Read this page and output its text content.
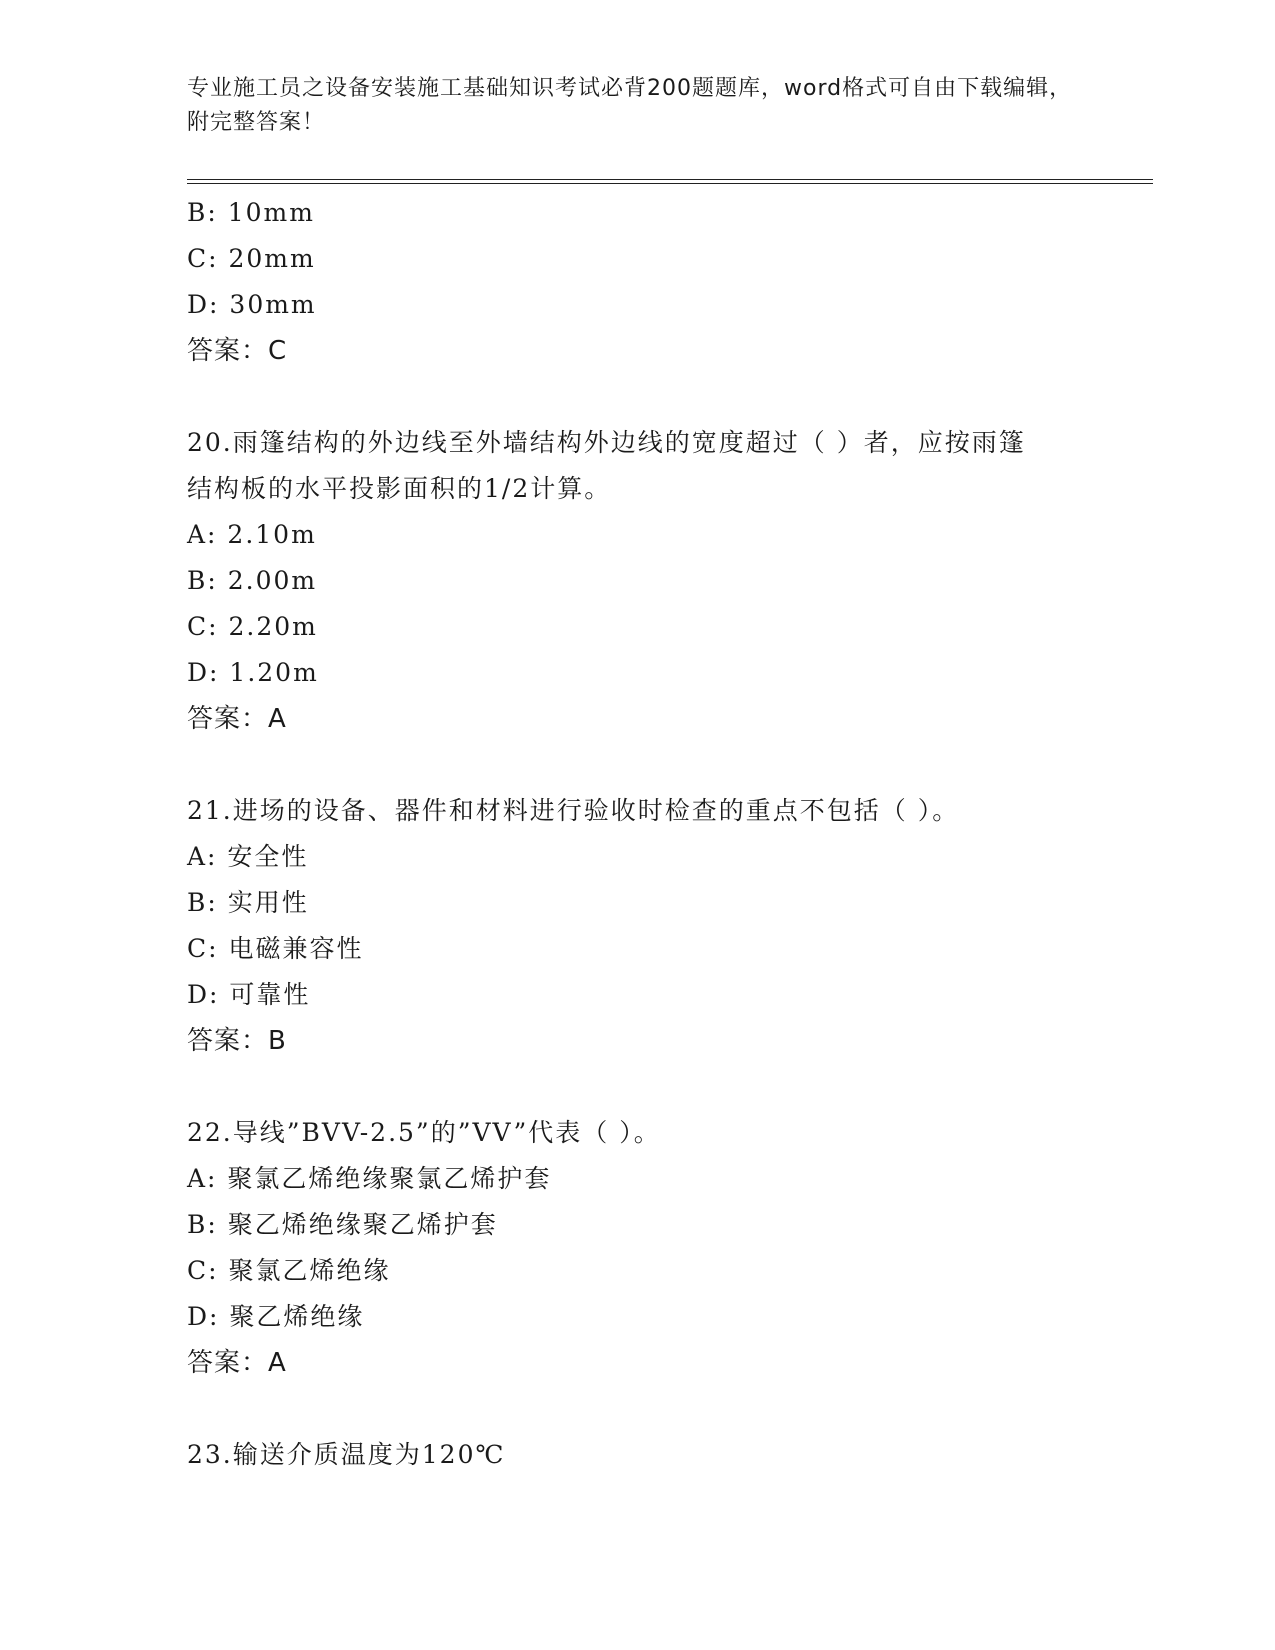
专业施工员之设备安装施工基础知识考试必背200题题库，word格式可自由下载编辑，附完整答案！

B: 10mm

C: 20mm

D: 30mm

答案：C

20.雨篷结构的外边线至外墙结构外边线的宽度超过（ ）者，应按雨篷结构板的水平投影面积的1/2计算。

A: 2.10m

B: 2.00m

C: 2.20m

D: 1.20m

答案：A

21.进场的设备、器件和材料进行验收时检查的重点不包括（ ）。

A: 安全性

B: 实用性

C: 电磁兼容性

D: 可靠性

答案：B

22.导线”BVV-2.5”的”VV”代表（ ）。

A: 聚氯乙烯绝缘聚氯乙烯护套

B: 聚乙烯绝缘聚乙烯护套

C: 聚氯乙烯绝缘

D: 聚乙烯绝缘

答案：A

23.输送介质温度为120℃
